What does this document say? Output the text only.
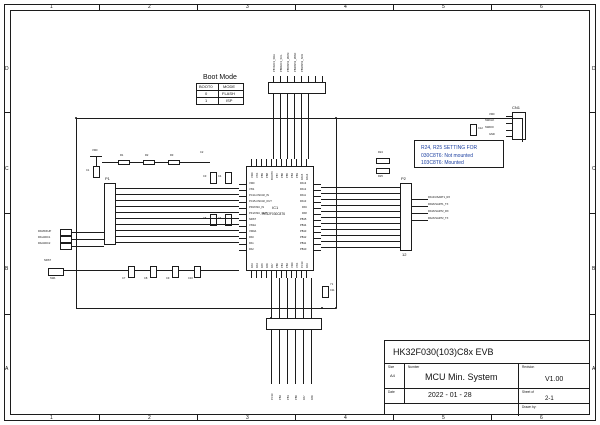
1	2	3	4	5	6
1	2	3	4	5	6
D
C
B
A
D
C
B
A
IC1
HK32F030C8T6
VDD
VSS
PC14-OSC32_IN
PC15-OSC32_OUT
PF0/OSC_IN
PF1/OSC_OUT
NRST
VSSA
VDDA
PA0
PA1
PA2
PA13
PA12
PA11
PA10
PA9
PA8
PB15
PB14
PB13
PB12
PB11
PB10
VDD VSS PB9 PB8 BOOT0 PB7 PB6 PB5 PB4 PB3 PA15 PA14
PA3 PA4 PA5 PA6 PA7 PB0 PB1 PB2 VDD VSS PC13 PA3
Boot Mode
BOOT0	MODE
0	FLASH
1	ISP
R24, R25 SETTING FOR
030C8T6: Not mounted
103C8T6: Mounted
P1	P2
12
PC13 PB2 PB1 PB0 PA7 PA6
PB7/I2C1_SDA PB6/I2C1_SCL PB5/SPI1_MOSI PB4/SPI1_MISO PB3/SPI1_SCK
CN1
VDD
SWCLK
SWDIO
GND
PA10/USART1_RX
PA9/USART1_TX
PA3/USART2_RX
PA2/USART2_TX
PA0/WKUP
PA1/ADC1
PA2/ADC2
VDD
C1
R1	R2	R3
C2
C3	C4
NRST
SW1	C7	C8	C9	C10
C11
Y1
R24
R25
C12
HK32F030(103)C8x EVB
Size
A4
Number	Revision
MCU Min. System	V1.00
Date	2022 - 01 - 28	Sheet of
2-1
Drawn by:
